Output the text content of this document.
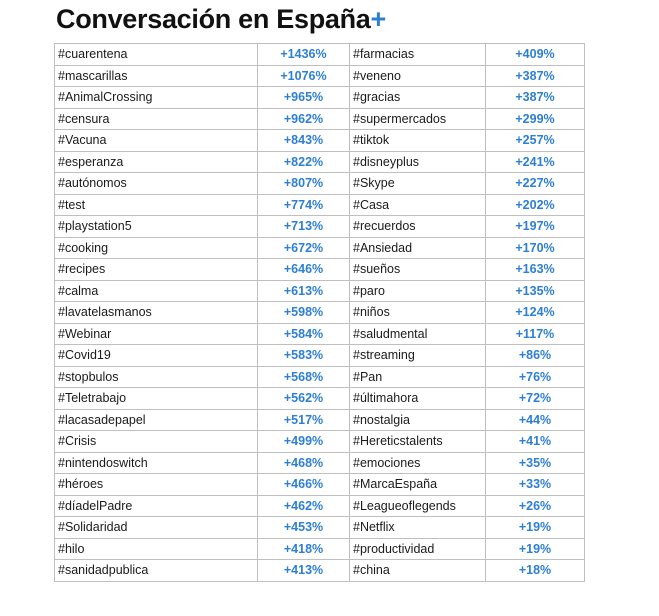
Conversación en España+
#cuarentena	+1436%	#farmacias	+409%
#mascarillas	+1076%	#veneno	+387%
#AnimalCrossing	+965%	#gracias	+387%
#censura	+962%	#supermercados	+299%
#Vacuna	+843%	#tiktok	+257%
#esperanza	+822%	#disneyplus	+241%
#autónomos	+807%	#Skype	+227%
#test	+774%	#Casa	+202%
#playstation5	+713%	#recuerdos	+197%
#cooking	+672%	#Ansiedad	+170%
#recipes	+646%	#sueños	+163%
#calma	+613%	#paro	+135%
#lavatelasmanos	+598%	#niños	+124%
#Webinar	+584%	#saludmental	+117%
#Covid19	+583%	#streaming	+86%
#stopbulos	+568%	#Pan	+76%
#Teletrabajo	+562%	#últimahora	+72%
#lacasadepapel	+517%	#nostalgia	+44%
#Crisis	+499%	#Hereticstalents	+41%
#nintendoswitch	+468%	#emociones	+35%
#héroes	+466%	#MarcaEspaña	+33%
#díadelPadre	+462%	#Leagueoflegends	+26%
#Solidaridad	+453%	#Netflix	+19%
#hilo	+418%	#productividad	+19%
#sanidadpublica	+413%	#china	+18%
